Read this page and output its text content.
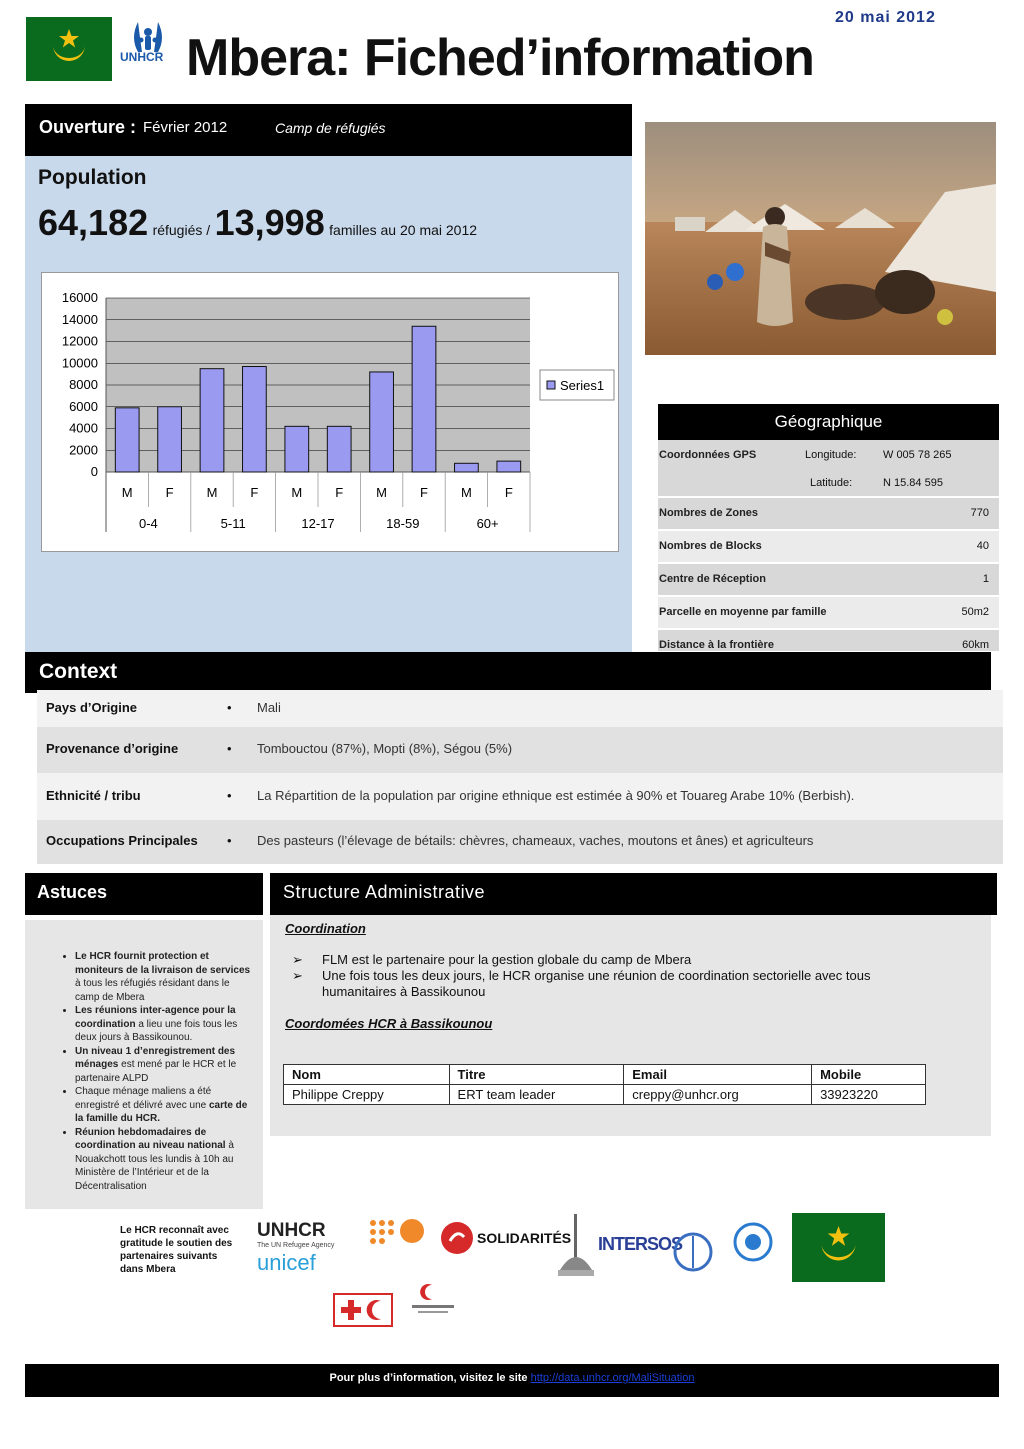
UNHCR Mbera: Fiched’information
20 mai 2012
Ouverture : Février 2012	Camp de réfugiés
Population
64,182 réfugiés / 13,998 familles au 20 mai 2012
0
2000
4000
6000
8000
10000
12000
14000
16000
M	F	M	F	M	F	M	F	M	F
0-4	5-11	12-17	18-59	60+
Series1
Géographique
Coordonnées GPS	Longitude: W 005 78 265
Latitude:	N 15.84 595
Nombres de Zones	770
Nombres de Blocks	40
Centre de Réception	1
Parcelle en moyenne par famille	50m2
Distance à la frontière	60km
Context
Pays d’Origine	• Mali
Provenance d’origine	• Tombouctou (87%), Mopti (8%), Ségou (5%)
Ethnicité / tribu	• La Répartition de la population par origine ethnique est estimée à 90% et Touareg Arabe 10% (Berbish).
Occupations Principales • Des pasteurs (l’élevage de bétails: chèvres, chameaux, vaches, moutons et ânes) et agriculteurs
Astuces
• Le HCR fournit protection et moniteurs de la livraison de services à tous les réfugiés résidant dans le camp de Mbera
• Les réunions inter-agence pour la coordination a lieu une fois tous les deux jours à Bassikounou.
• Un niveau 1 d’enregistrement des ménages est mené par le HCR et le partenaire ALPD
• Chaque ménage maliens a été enregistré et délivré avec une carte de la famille du HCR.
• Réunion hebdomadaires de coordination au niveau national à Nouakchott tous les lundis à 10h au Ministère de l’Intérieur et de la Décentralisation
Structure Administrative
Coordination
➢	FLM est le partenaire pour la gestion globale du camp de Mbera
➢	Une fois tous les deux jours, le HCR organise une réunion de coordination sectorielle avec tous humanitaires à Bassikounou
Coordomées HCR à Bassikounou
Nom	Titre	Email	Mobile
Philippe Creppy	ERT team leader	creppy@unhcr.org	33923220
Le HCR reconnaît avec gratitude le soutien des partenaires suivants dans Mbera
UNHCR
The UN Refugee Agency
unicef
SOLIDARITÉS INTERSOS
Pour plus d’information, visitez le site http://data.unhcr.org/MaliSituation
